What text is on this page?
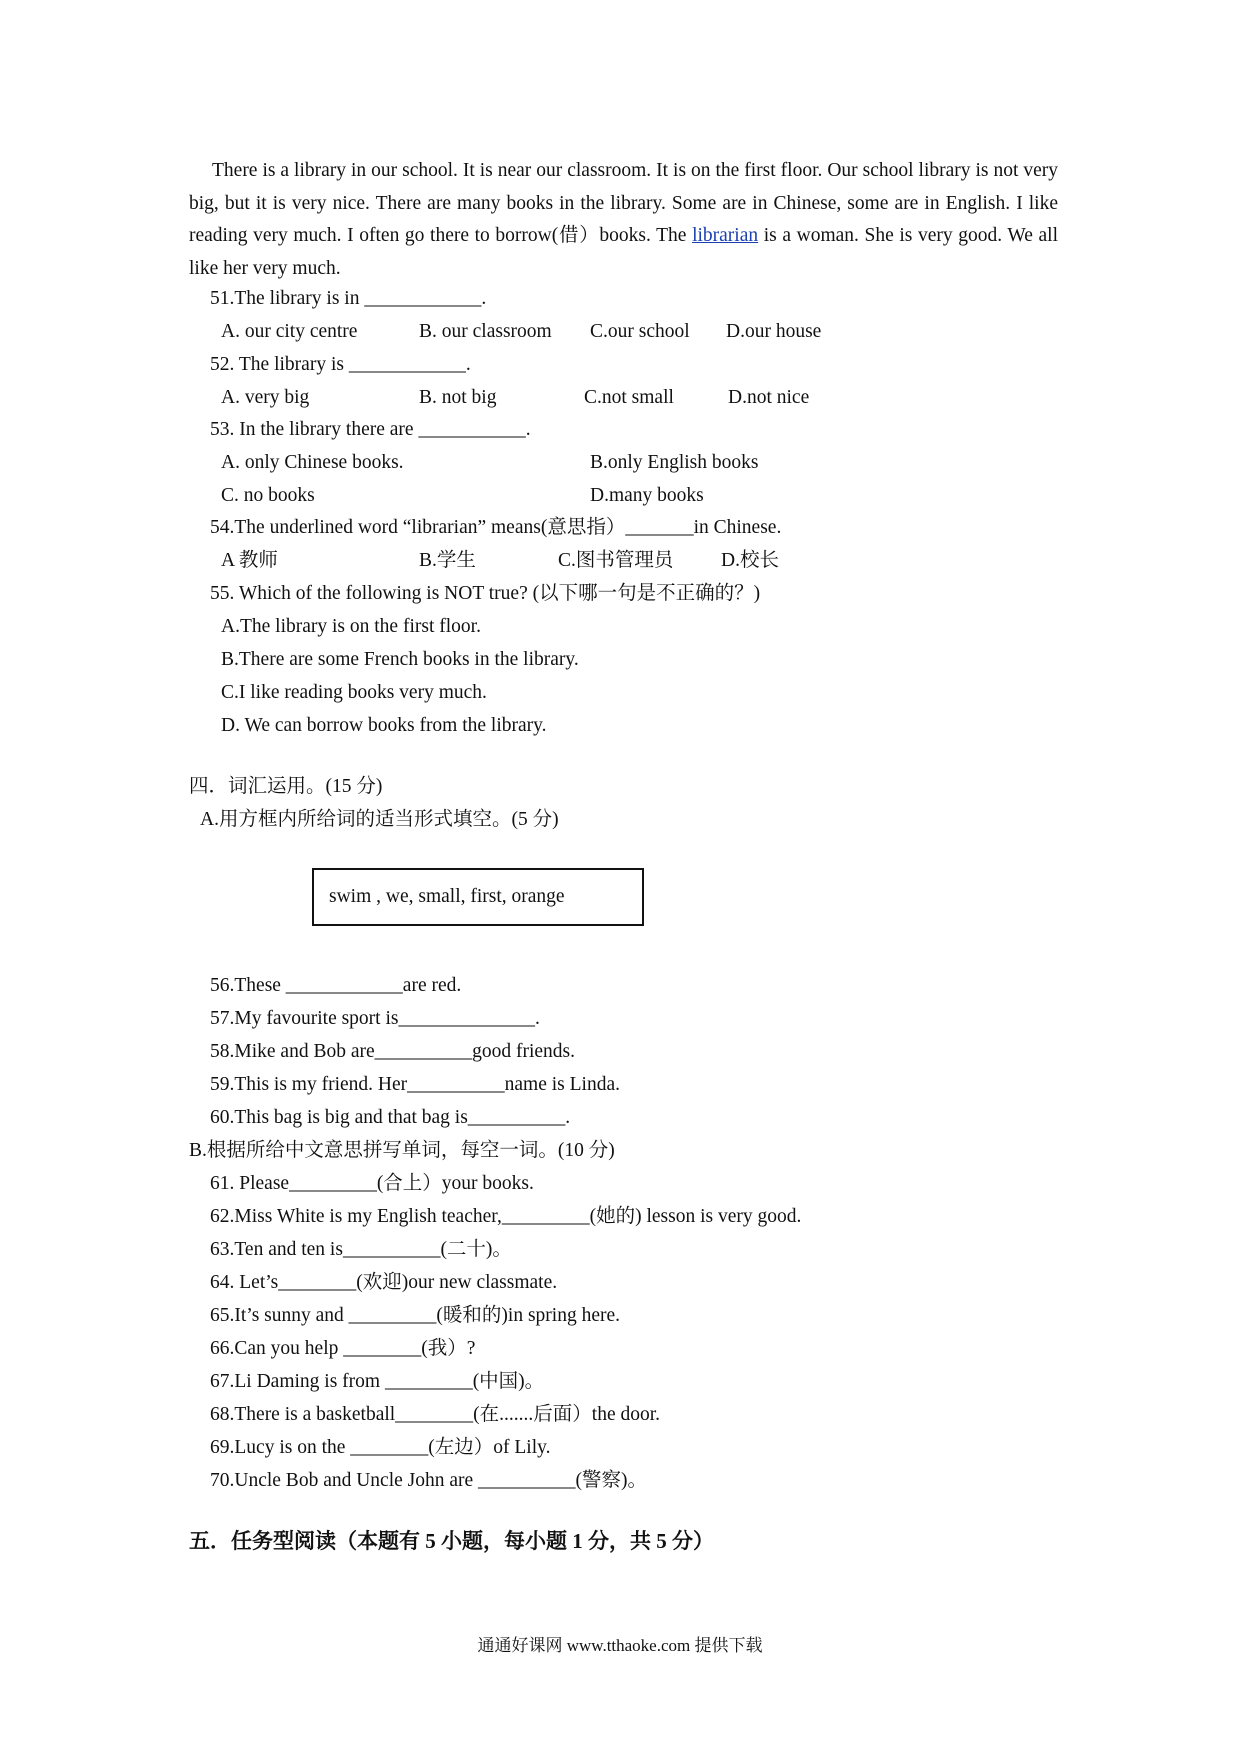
There is a library in our school. It is near our classroom. It is on the first floor. Our school library is not very big, but it is very nice. There are many books in the library. Some are in Chinese, some are in English. I like reading very much. I often go there to borrow(借）books. The librarian is a woman. She is very good. We all like her very much.
51.The library is in ____________.
A. our city centre	B. our classroom C.our school D.our house
52. The library is ____________.
A. very big	B. not big	C.not small	D.not nice
53. In the library there are ___________.
A. only Chinese books.	B.only English books
C. no books	D.many books
54.The underlined word “librarian” means(意思指）_______in Chinese.
A 教师	B.学生	C.图书管理员 D.校长
55. Which of the following is NOT true? (以下哪一句是不正确的？)
A.The library is on the first floor.
B.There are some French books in the library.
C.I like reading books very much.
D. We can borrow books from the library.
四．词汇运用。(15 分)
A.用方框内所给词的适当形式填空。(5 分)
swim , we, small, first, orange
56.These ____________are red.
57.My favourite sport is______________.
58.Mike and Bob are__________good friends.
59.This is my friend. Her__________name is Linda.
60.This bag is big and that bag is__________.
B.根据所给中文意思拼写单词，每空一词。(10 分)
61. Please_________(合上）your books.
62.Miss White is my English teacher,_________(她的) lesson is very good.
63.Ten and ten is__________(二十)。
64. Let’s________(欢迎)our new classmate.
65.It’s sunny and _________(暖和的)in spring here.
66.Can you help ________(我）?
67.Li Daming is from _________(中国)。
68.There is a basketball________(在.......后面）the door.
69.Lucy is on the ________(左边）of Lily.
70.Uncle Bob and Uncle John are __________(警察)。
五．任务型阅读（本题有 5 小题，每小题 1 分，共 5 分）
通通好课网 www.tthaoke.com 提供下载
